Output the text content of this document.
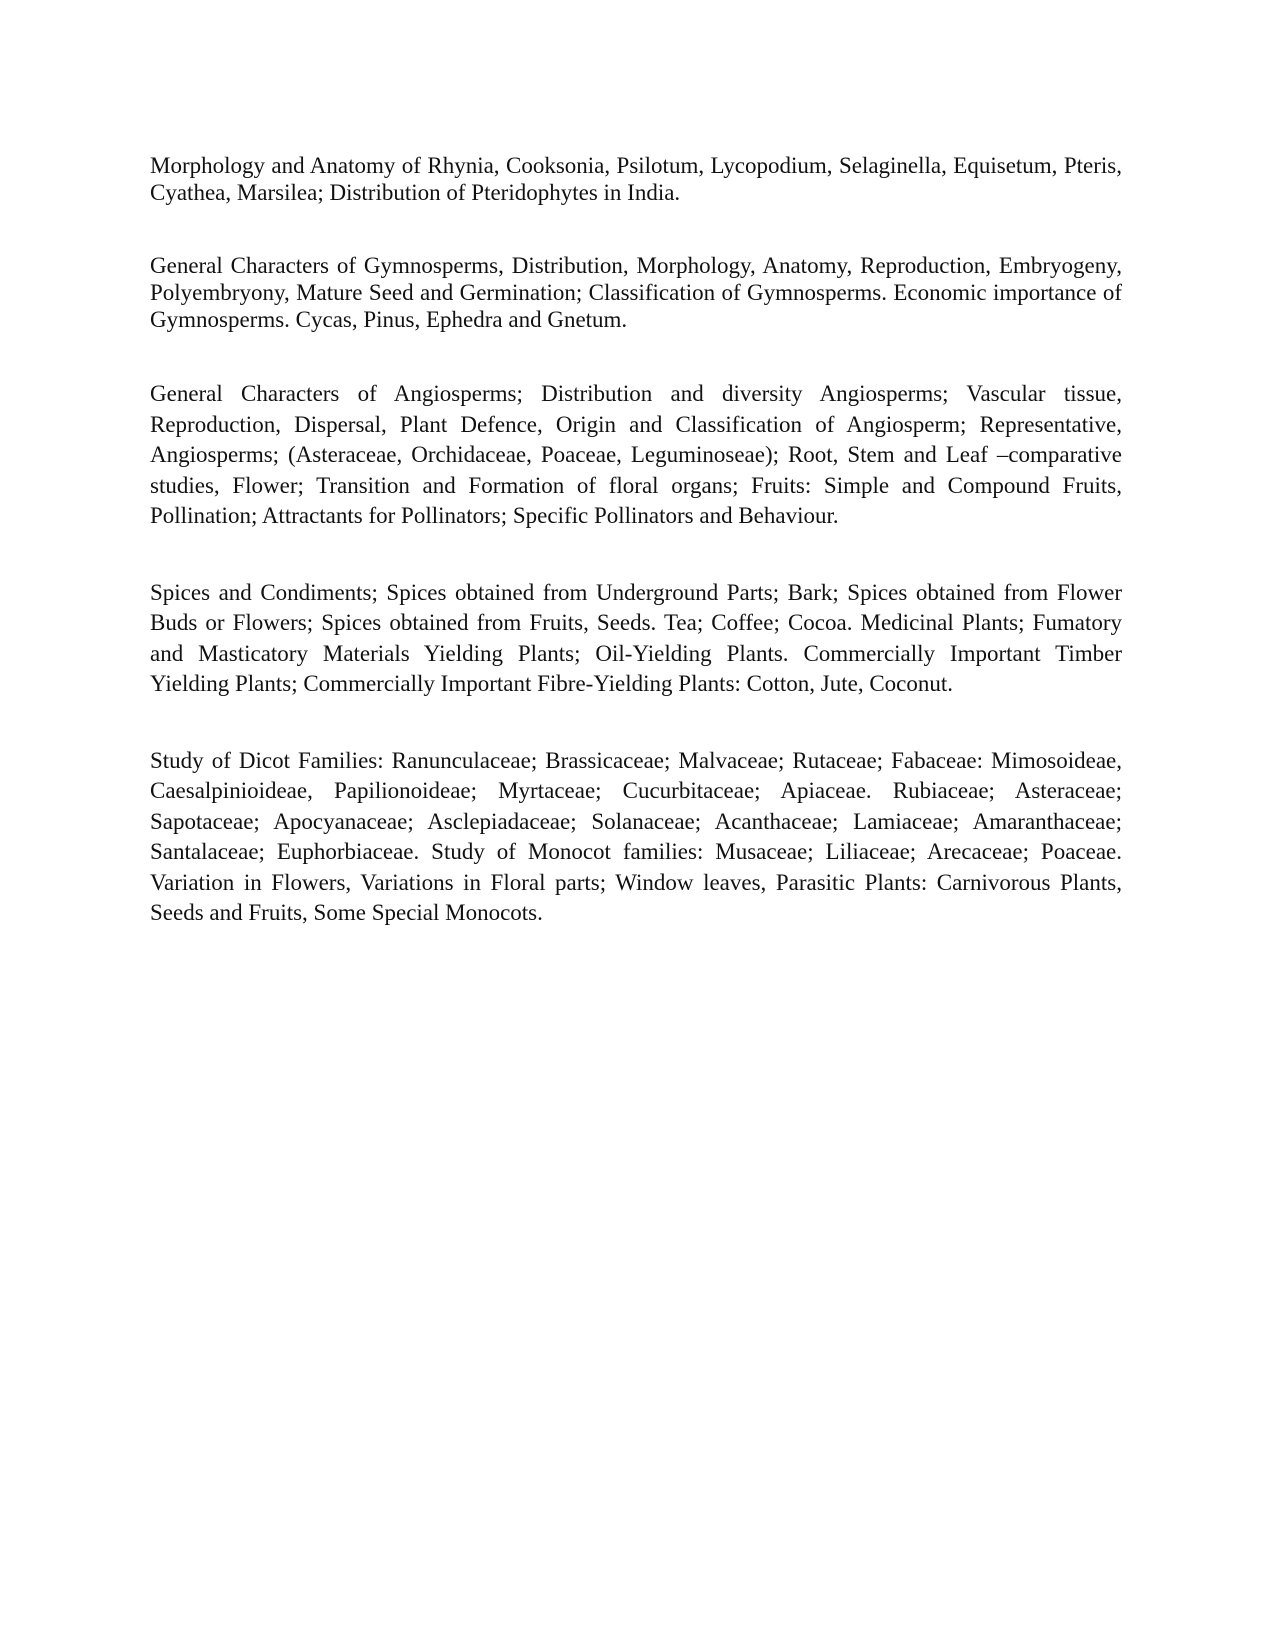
Morphology and Anatomy of Rhynia, Cooksonia, Psilotum, Lycopodium, Selaginella, Equisetum, Pteris, Cyathea, Marsilea; Distribution of Pteridophytes in India.

General Characters of Gymnosperms, Distribution, Morphology, Anatomy, Reproduction, Embryogeny, Polyembryony, Mature Seed and Germination; Classification of Gymnosperms. Economic importance of Gymnosperms. Cycas, Pinus, Ephedra and Gnetum.

General Characters of Angiosperms; Distribution and diversity Angiosperms; Vascular tissue, Reproduction, Dispersal, Plant Defence, Origin and Classification of Angiosperm; Representative, Angiosperms; (Asteraceae, Orchidaceae, Poaceae, Leguminoseae); Root, Stem and Leaf –comparative studies, Flower; Transition and Formation of floral organs; Fruits: Simple and Compound Fruits, Pollination; Attractants for Pollinators; Specific Pollinators and Behaviour.

Spices and Condiments; Spices obtained from Underground Parts; Bark; Spices obtained from Flower Buds or Flowers; Spices obtained from Fruits, Seeds. Tea; Coffee; Cocoa. Medicinal Plants; Fumatory and Masticatory Materials Yielding Plants; Oil-Yielding Plants. Commercially Important Timber Yielding Plants; Commercially Important Fibre-Yielding Plants: Cotton, Jute, Coconut.

Study of Dicot Families: Ranunculaceae; Brassicaceae; Malvaceae; Rutaceae; Fabaceae: Mimosoideae, Caesalpinioideae, Papilionoideae; Myrtaceae; Cucurbitaceae; Apiaceae. Rubiaceae; Asteraceae; Sapotaceae; Apocyanaceae; Asclepiadaceae; Solanaceae; Acanthaceae; Lamiaceae; Amaranthaceae; Santalaceae; Euphorbiaceae. Study of Monocot families: Musaceae; Liliaceae; Arecaceae; Poaceae. Variation in Flowers, Variations in Floral parts; Window leaves, Parasitic Plants: Carnivorous Plants, Seeds and Fruits, Some Special Monocots.
